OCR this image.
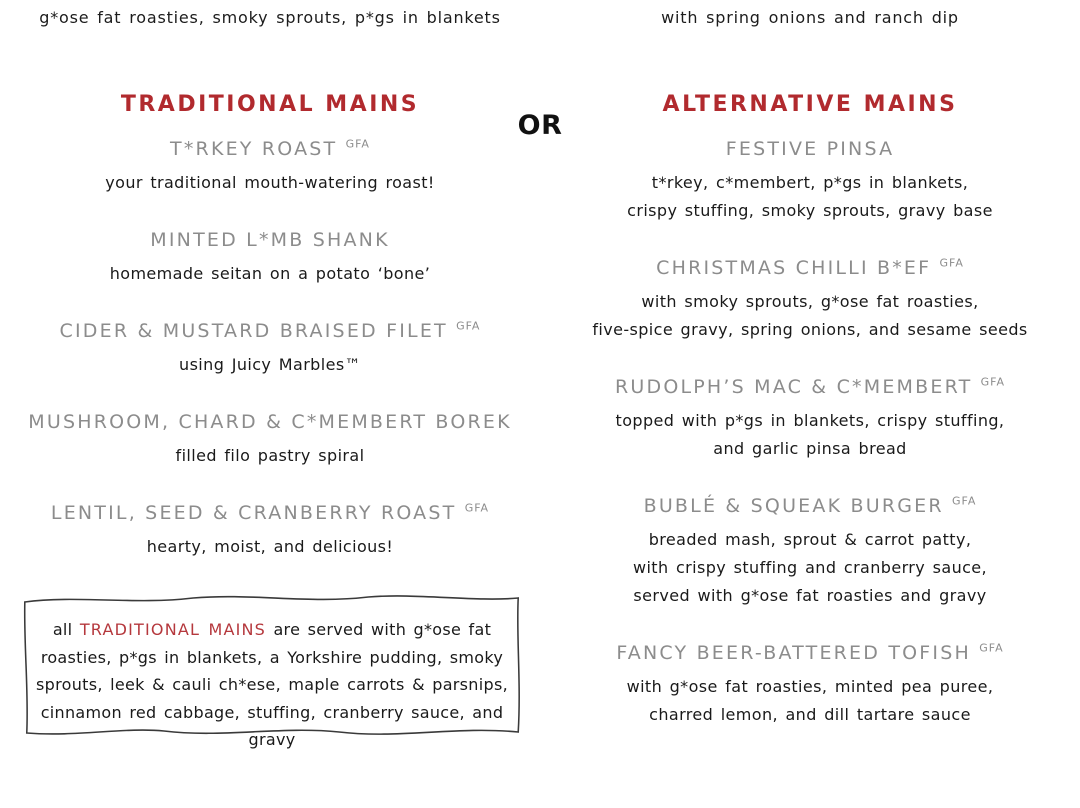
g*ose fat roasties, smoky sprouts, p*gs in blankets
TRADITIONAL MAINS
T*RKEY ROAST $^{GFA}$
your traditional mouth-watering roast!
MINTED L*MB SHANK
homemade seitan on a potato ‘bone’
CIDER & MUSTARD BRAISED FILET $^{GFA}$
using Juicy Marbles™
MUSHROOM, CHARD & C*MEMBERT BOREK
filled filo pastry spiral
LENTIL, SEED & CRANBERRY ROAST $^{GFA}$
hearty, moist, and delicious!
all TRADITIONAL MAINS are served with g*ose fat roasties, p*gs in blankets, a Yorkshire pudding, smoky sprouts, leek & cauli ch*ese, maple carrots & parsnips, cinnamon red cabbage, stuffing, cranberry sauce, and gravy
with spring onions and ranch dip
ALTERNATIVE MAINS
FESTIVE PINSA
t*rkey, c*membert, p*gs in blankets,
crispy stuffing, smoky sprouts, gravy base
CHRISTMAS CHILLI B*EF $^{GFA}$
with smoky sprouts, g*ose fat roasties,
five-spice gravy, spring onions, and sesame seeds
RUDOLPH’S MAC & C*MEMBERT $^{GFA}$
topped with p*gs in blankets, crispy stuffing,
and garlic pinsa bread
BUBLÉ & SQUEAK BURGER $^{GFA}$
breaded mash, sprout & carrot patty,
with crispy stuffing and cranberry sauce,
served with g*ose fat roasties and gravy
FANCY BEER-BATTERED TOFISH $^{GFA}$
with g*ose fat roasties, minted pea puree,
charred lemon, and dill tartare sauce
OR
